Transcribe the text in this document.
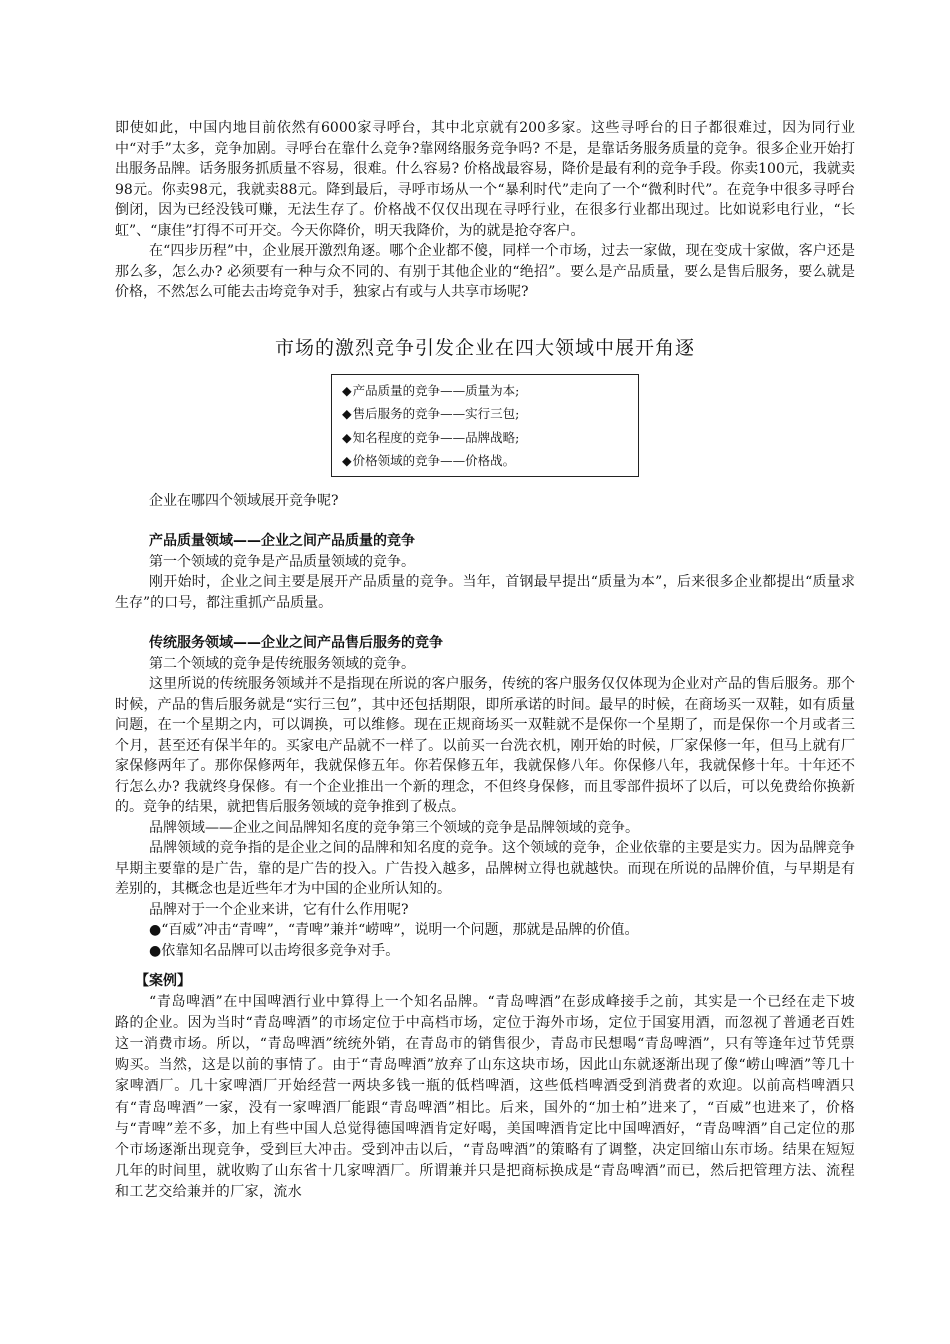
即使如此，中国内地目前依然有6000家寻呼台，其中北京就有200多家。这些寻呼台的日子都很难过，因为同行业中“对手”太多，竞争加剧。寻呼台在靠什么竞争?靠网络服务竞争吗? 不是，是靠话务服务质量的竞争。很多企业开始打出服务品牌。话务服务抓质量不容易，很难。什么容易? 价格战最容易，降价是最有利的竞争手段。你卖100元，我就卖98元。你卖98元，我就卖88元。降到最后，寻呼市场从一个“暴利时代”走向了一个“微利时代”。在竞争中很多寻呼台倒闭，因为已经没钱可赚，无法生存了。价格战不仅仅出现在寻呼行业，在很多行业都出现过。比如说彩电行业，“长虹”、“康佳”打得不可开交。今天你降价，明天我降价，为的就是抢夺客户。

在“四步历程”中，企业展开激烈角逐。哪个企业都不傻，同样一个市场，过去一家做，现在变成十家做，客户还是那么多，怎么办? 必须要有一种与众不同的、有别于其他企业的“绝招”。要么是产品质量，要么是售后服务，要么就是价格，不然怎么可能去击垮竞争对手，独家占有或与人共享市场呢?

市场的激烈竞争引发企业在四大领域中展开角逐
◆产品质量的竞争——质量为本;
◆售后服务的竞争——实行三包;
◆知名程度的竞争——品牌战略;
◆价格领域的竞争——价格战。

企业在哪四个领域展开竞争呢?

产品质量领域——企业之间产品质量的竞争

第一个领域的竞争是产品质量领域的竞争。

刚开始时，企业之间主要是展开产品质量的竞争。当年，首钢最早提出“质量为本”，后来很多企业都提出“质量求生存”的口号，都注重抓产品质量。

传统服务领域——企业之间产品售后服务的竞争

第二个领域的竞争是传统服务领域的竞争。

这里所说的传统服务领域并不是指现在所说的客户服务，传统的客户服务仅仅体现为企业对产品的售后服务。那个时候，产品的售后服务就是“实行三包”，其中还包括期限，即所承诺的时间。最早的时候，在商场买一双鞋，如有质量问题，在一个星期之内，可以调换，可以维修。现在正规商场买一双鞋就不是保你一个星期了，而是保你一个月或者三个月，甚至还有保半年的。买家电产品就不一样了。以前买一台洗衣机，刚开始的时候，厂家保修一年，但马上就有厂家保修两年了。那你保修两年，我就保修五年。你若保修五年，我就保修八年。你保修八年，我就保修十年。十年还不行怎么办? 我就终身保修。有一个企业推出一个新的理念，不但终身保修，而且零部件损坏了以后，可以免费给你换新的。竞争的结果，就把售后服务领域的竞争推到了极点。

品牌领域——企业之间品牌知名度的竞争第三个领域的竞争是品牌领域的竞争。

品牌领域的竞争指的是企业之间的品牌和知名度的竞争。这个领域的竞争，企业依靠的主要是实力。因为品牌竞争早期主要靠的是广告，靠的是广告的投入。广告投入越多，品牌树立得也就越快。而现在所说的品牌价值，与早期是有差别的，其概念也是近些年才为中国的企业所认知的。

品牌对于一个企业来讲，它有什么作用呢?

●“百威”冲击“青啤”，“青啤”兼并“崂啤”，说明一个问题，那就是品牌的价值。

●依靠知名品牌可以击垮很多竞争对手。

【案例】

“青岛啤酒”在中国啤酒行业中算得上一个知名品牌。“青岛啤酒”在彭成峰接手之前，其实是一个已经在走下坡路的企业。因为当时“青岛啤酒”的市场定位于中高档市场，定位于海外市场，定位于国宴用酒，而忽视了普通老百姓这一消费市场。所以，“青岛啤酒”统统外销，在青岛市的销售很少，青岛市民想喝“青岛啤酒”，只有等逢年过节凭票购买。当然，这是以前的事情了。由于“青岛啤酒”放弃了山东这块市场，因此山东就逐渐出现了像“崂山啤酒”等几十家啤酒厂。几十家啤酒厂开始经营一两块多钱一瓶的低档啤酒，这些低档啤酒受到消费者的欢迎。以前高档啤酒只有“青岛啤酒”一家，没有一家啤酒厂能跟“青岛啤酒”相比。后来，国外的“加士柏”进来了，“百威”也进来了，价格与“青啤”差不多，加上有些中国人总觉得德国啤酒肯定好喝，美国啤酒肯定比中国啤酒好，“青岛啤酒”自己定位的那个市场逐渐出现竞争，受到巨大冲击。受到冲击以后，“青岛啤酒”的策略有了调整，决定回缩山东市场。结果在短短几年的时间里，就收购了山东省十几家啤酒厂。所谓兼并只是把商标换成是“青岛啤酒”而已，然后把管理方法、流程和工艺交给兼并的厂家，流水
